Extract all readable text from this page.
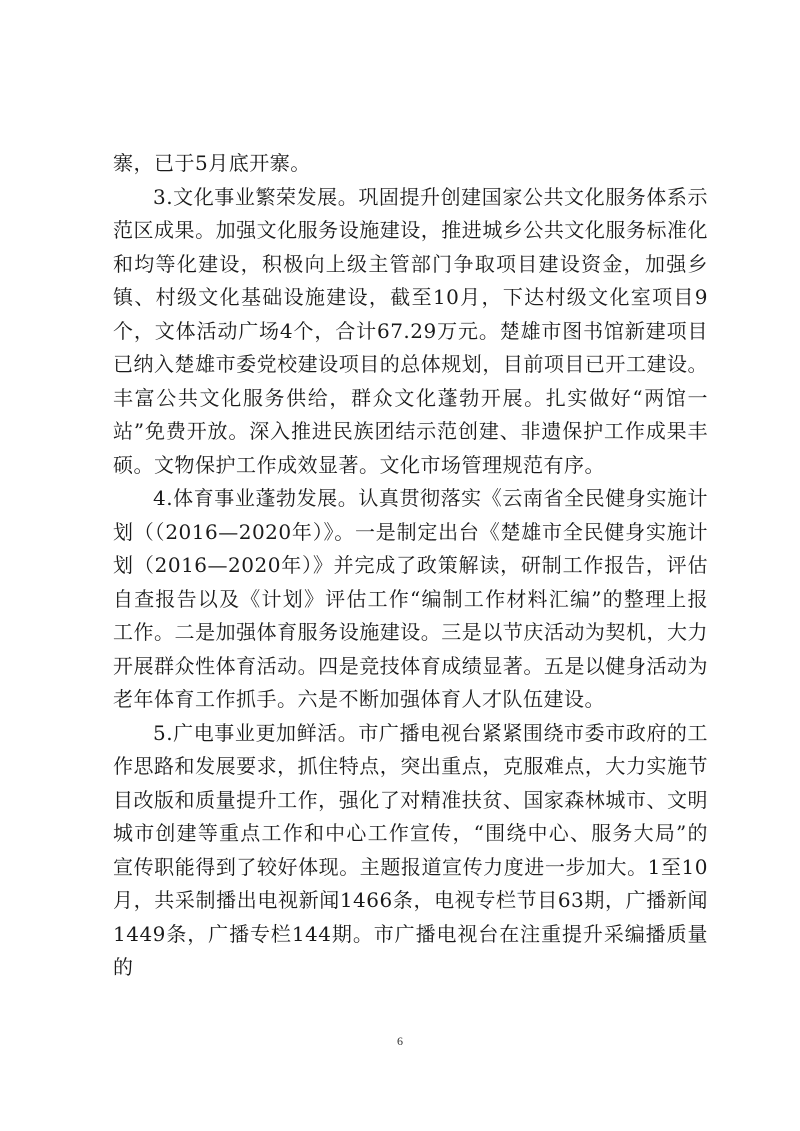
寨，已于5月底开寨。

3.文化事业繁荣发展。巩固提升创建国家公共文化服务体系示范区成果。加强文化服务设施建设，推进城乡公共文化服务标准化和均等化建设，积极向上级主管部门争取项目建设资金，加强乡镇、村级文化基础设施建设，截至10月，下达村级文化室项目9个，文体活动广场4个，合计67.29万元。楚雄市图书馆新建项目已纳入楚雄市委党校建设项目的总体规划，目前项目已开工建设。丰富公共文化服务供给，群众文化蓬勃开展。扎实做好“两馆一站”免费开放。深入推进民族团结示范创建、非遗保护工作成果丰硕。文物保护工作成效显著。文化市场管理规范有序。

4.体育事业蓬勃发展。认真贯彻落实《云南省全民健身实施计划（（2016—2020年）》。一是制定出台《楚雄市全民健身实施计划（2016—2020年）》并完成了政策解读，研制工作报告，评估自查报告以及《计划》评估工作“编制工作材料汇编”的整理上报工作。二是加强体育服务设施建设。三是以节庆活动为契机，大力开展群众性体育活动。四是竞技体育成绩显著。五是以健身活动为老年体育工作抓手。六是不断加强体育人才队伍建设。

5.广电事业更加鲜活。市广播电视台紧紧围绕市委市政府的工作思路和发展要求，抓住特点，突出重点，克服难点，大力实施节目改版和质量提升工作，强化了对精准扶贫、国家森林城市、文明城市创建等重点工作和中心工作宣传，“围绕中心、服务大局”的宣传职能得到了较好体现。主题报道宣传力度进一步加大。1至10月，共采制播出电视新闻1466条，电视专栏节目63期，广播新闻1449条，广播专栏144期。市广播电视台在注重提升采编播质量的

6
